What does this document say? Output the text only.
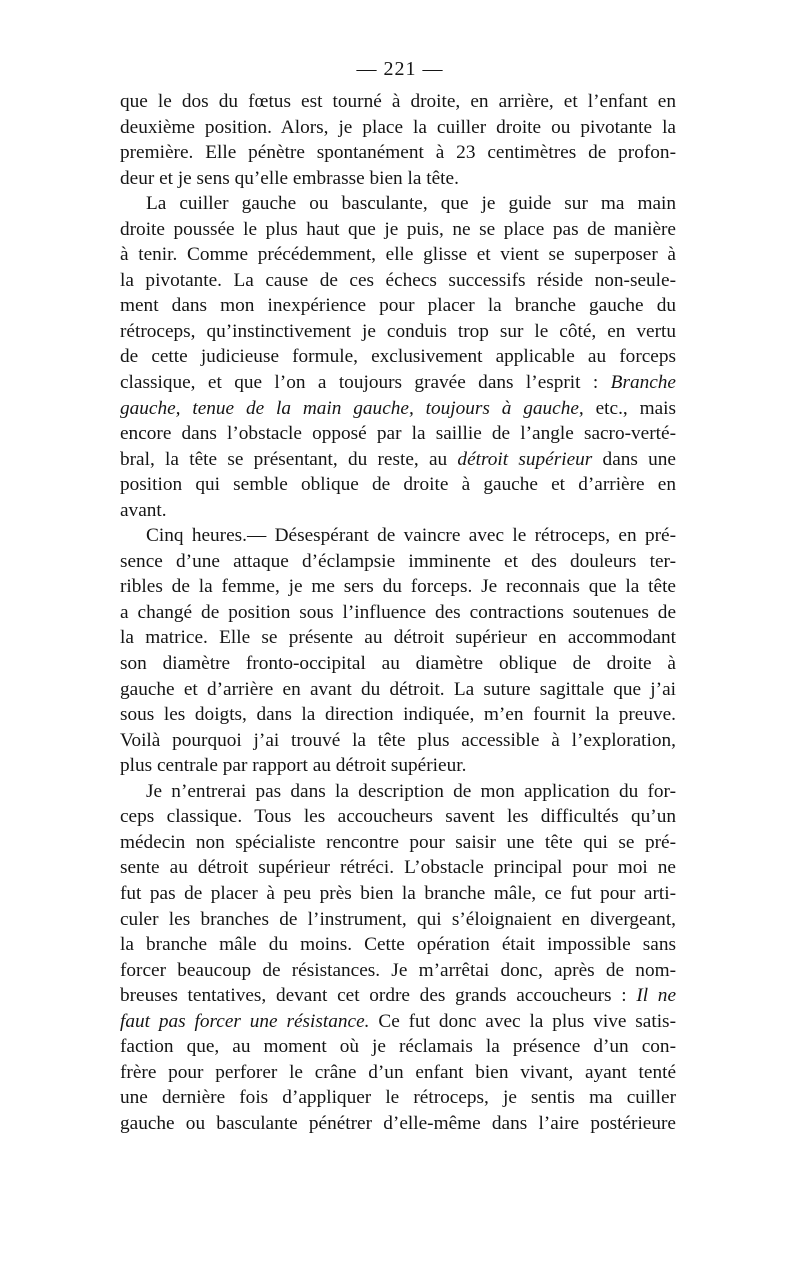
— 221 —

que le dos du fœtus est tourné à droite, en arrière, et l’enfant en
deuxième position. Alors, je place la cuiller droite ou pivotante la
première. Elle pénètre spontanément à 23 centimètres de profon-
deur et je sens qu’elle embrasse bien la tête.

La cuiller gauche ou basculante, que je guide sur ma main
droite poussée le plus haut que je puis, ne se place pas de manière
à tenir. Comme précédemment, elle glisse et vient se superposer à
la pivotante. La cause de ces échecs successifs réside non-seule-
ment dans mon inexpérience pour placer la branche gauche du
rétroceps, qu’instinctivement je conduis trop sur le côté, en vertu
de cette judicieuse formule, exclusivement applicable au forceps
classique, et que l’on a toujours gravée dans l’esprit : Branche
gauche, tenue de la main gauche, toujours à gauche, etc., mais
encore dans l’obstacle opposé par la saillie de l’angle sacro-verté-
bral, la tête se présentant, du reste, au détroit supérieur dans une
position qui semble oblique de droite à gauche et d’arrière en
avant.

Cinq heures.— Désespérant de vaincre avec le rétroceps, en pré-
sence d’une attaque d’éclampsie imminente et des douleurs ter-
ribles de la femme, je me sers du forceps. Je reconnais que la tête
a changé de position sous l’influence des contractions soutenues de
la matrice. Elle se présente au détroit supérieur en accommodant
son diamètre fronto-occipital au diamètre oblique de droite à
gauche et d’arrière en avant du détroit. La suture sagittale que j’ai
sous les doigts, dans la direction indiquée, m’en fournit la preuve.
Voilà pourquoi j’ai trouvé la tête plus accessible à l’exploration,
plus centrale par rapport au détroit supérieur.

Je n’entrerai pas dans la description de mon application du for-
ceps classique. Tous les accoucheurs savent les difficultés qu’un
médecin non spécialiste rencontre pour saisir une tête qui se pré-
sente au détroit supérieur rétréci. L’obstacle principal pour moi ne
fut pas de placer à peu près bien la branche mâle, ce fut pour arti-
culer les branches de l’instrument, qui s’éloignaient en divergeant,
la branche mâle du moins. Cette opération était impossible sans
forcer beaucoup de résistances. Je m’arrêtai donc, après de nom-
breuses tentatives, devant cet ordre des grands accoucheurs : Il ne
faut pas forcer une résistance. Ce fut donc avec la plus vive satis-
faction que, au moment où je réclamais la présence d’un con-
frère pour perforer le crâne d’un enfant bien vivant, ayant tenté
une dernière fois d’appliquer le rétroceps, je sentis ma cuiller
gauche ou basculante pénétrer d’elle-même dans l’aire postérieure
